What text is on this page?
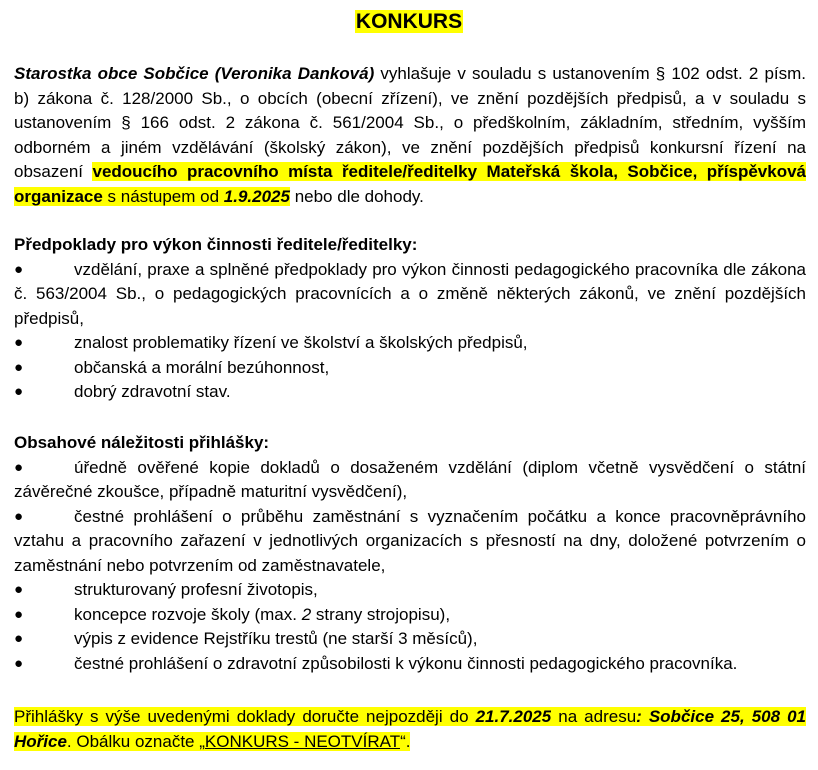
KONKURS
Starostka obce Sobčice (Veronika Danková) vyhlašuje v souladu s ustanovením § 102 odst. 2 písm. b) zákona č. 128/2000 Sb., o obcích (obecní zřízení), ve znění pozdějších předpisů, a v souladu s ustanovením § 166 odst. 2 zákona č. 561/2004 Sb., o předškolním, základním, středním, vyšším odborném a jiném vzdělávání (školský zákon), ve znění pozdějších předpisů konkursní řízení na obsazení vedoucího pracovního místa ředitele/ředitelky Mateřská škola, Sobčice, příspěvková organizace s nástupem od 1.9.2025 nebo dle dohody.
Předpoklady pro výkon činnosti ředitele/ředitelky:
●	vzdělání, praxe a splněné předpoklady pro výkon činnosti pedagogického pracovníka dle zákona č. 563/2004 Sb., o pedagogických pracovnících a o změně některých zákonů, ve znění pozdějších předpisů,
●	znalost problematiky řízení ve školství a školských předpisů,
●	občanská a morální bezúhonnost,
●	dobrý zdravotní stav.
Obsahové náležitosti přihlášky:
●	úředně ověřené kopie dokladů o dosaženém vzdělání (diplom včetně vysvědčení o státní závěrečné zkoušce, případně maturitní vysvědčení),
●	čestné prohlášení o průběhu zaměstnání s vyznačením počátku a konce pracovněprávního vztahu a pracovního zařazení v jednotlivých organizacích s přesností na dny, doložené potvrzením o zaměstnání nebo potvrzením od zaměstnavatele,
●	strukturovaný profesní životopis,
●	koncepce rozvoje školy (max. 2 strany strojopisu),
●	výpis z evidence Rejstříku trestů (ne starší 3 měsíců),
●	čestné prohlášení o zdravotní způsobilosti k výkonu činnosti pedagogického pracovníka.
Přihlášky s výše uvedenými doklady doručte nejpozději do 21.7.2025 na adresu: Sobčice 25, 508 01 Hořice. Obálku označte „KONKURS - NEOTVÍRAT“.
